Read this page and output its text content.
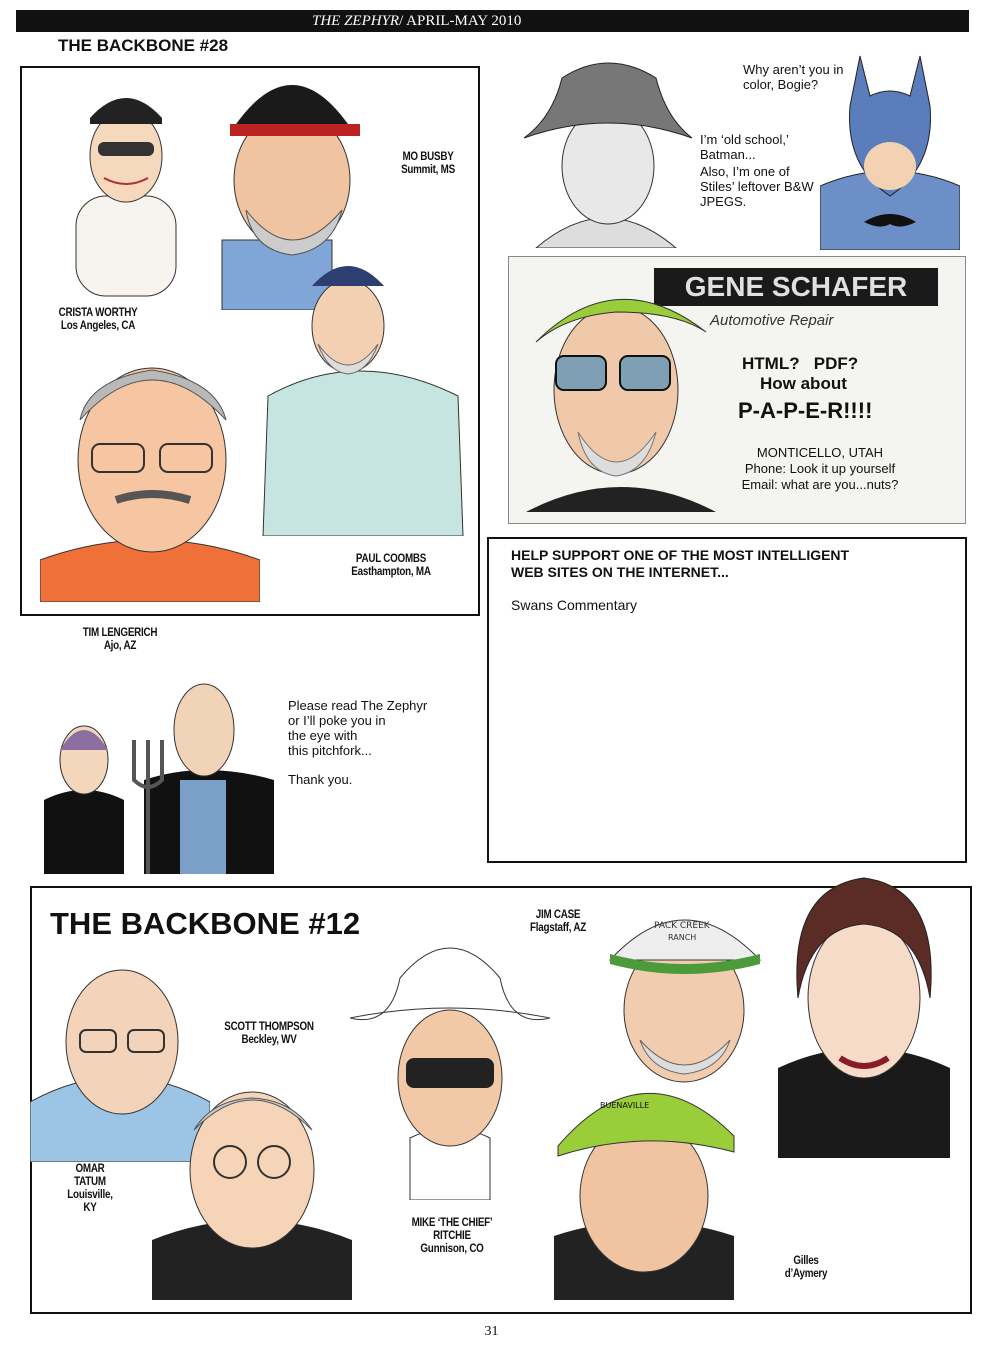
THE ZEPHYR/ APRIL-MAY 2010
THE BACKBONE #28
MO BUSBY
Summit, MS
CRISTA WORTHY
Los Angeles, CA
PAUL COOMBS
Easthampton, MA
TIM LENGERICH
Ajo, AZ
Why aren’t you in color, Bogie?
I’m ‘old school,’ Batman...
Also, I’m one of Stiles’ leftover B&W JPEGS.
GENE SCHAFER
Automotive Repair
HTML?   PDF?
How about
P-A-P-E-R!!!!
MONTICELLO, UTAH
Phone: Look it up yourself
Email: what are you...nuts?
HELP SUPPORT ONE OF THE MOST INTELLIGENT
WEB SITES ON THE INTERNET...
Swans Commentary
Please read The Zephyr
or I’ll poke you in
the eye with
this pitchfork...
Thank you.
THE BACKBONE #12
OMAR
TATUM
Louisville,
KY
SCOTT THOMPSON
Beckley, WV
MIKE ‘THE CHIEF’
RITCHIE
Gunnison, CO
JIM CASE
Flagstaff, AZ	PACK CREEK
RANCH
BUENAVILLE
Gilles
d’Aymery
31
